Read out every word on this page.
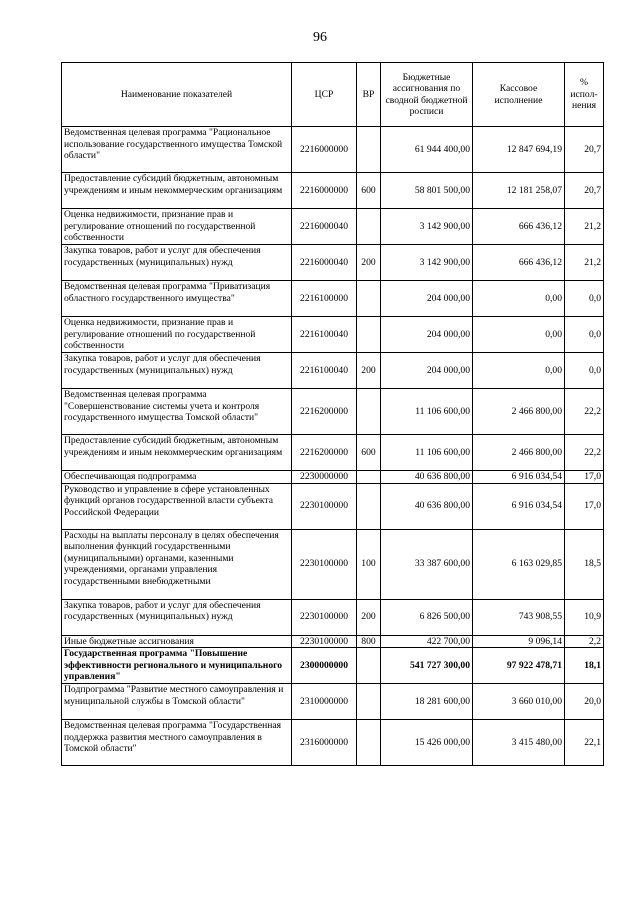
96
Наименование показателей	ЦСР	ВР	Бюджетные ассигнования по сводной бюджетной росписи	Кассовое исполнение	% испол-нения
Ведомственная целевая программа "Рациональное использование государственного имущества Томской области"	2216000000		61 944 400,00	12 847 694,19	20,7
Предоставление субсидий бюджетным, автономным учреждениям и иным некоммерческим организациям	2216000000	600	58 801 500,00	12 181 258,07	20,7
Оценка недвижимости, признание прав и регулирование отношений по государственной собственности	2216000040		3 142 900,00	666 436,12	21,2
Закупка товаров, работ и услуг для обеспечения государственных (муниципальных) нужд	2216000040	200	3 142 900,00	666 436,12	21,2
Ведомственная целевая программа "Приватизация областного государственного имущества"	2216100000		204 000,00	0,00	0,0
Оценка недвижимости, признание прав и регулирование отношений по государственной собственности	2216100040		204 000,00	0,00	0,0
Закупка товаров, работ и услуг для обеспечения государственных (муниципальных) нужд	2216100040	200	204 000,00	0,00	0,0
Ведомственная целевая программа "Совершенствование системы учета и контроля государственного имущества Томской области"	2216200000		11 106 600,00	2 466 800,00	22,2
Предоставление субсидий бюджетным, автономным учреждениям и иным некоммерческим организациям	2216200000	600	11 106 600,00	2 466 800,00	22,2
Обеспечивающая подпрограмма	2230000000		40 636 800,00	6 916 034,54	17,0
Руководство и управление в сфере установленных функций органов государственной власти субъекта Российской Федерации	2230100000		40 636 800,00	6 916 034,54	17,0
Расходы на выплаты персоналу в целях обеспечения выполнения функций государственными (муниципальными) органами, казенными учреждениями, органами управления государственными внебюджетными	2230100000	100	33 387 600,00	6 163 029,85	18,5
Закупка товаров, работ и услуг для обеспечения государственных (муниципальных) нужд	2230100000	200	6 826 500,00	743 908,55	10,9
Иные бюджетные ассигнования	2230100000	800	422 700,00	9 096,14	2,2
Государственная программа "Повышение эффективности регионального и муниципального управления"	2300000000		541 727 300,00	97 922 478,71	18,1
Подпрограмма "Развитие местного самоуправления и муниципальной службы в Томской области"	2310000000		18 281 600,00	3 660 010,00	20,0
Ведомственная целевая программа "Государственная поддержка развития местного самоуправления в Томской области"	2316000000		15 426 000,00	3 415 480,00	22,1
